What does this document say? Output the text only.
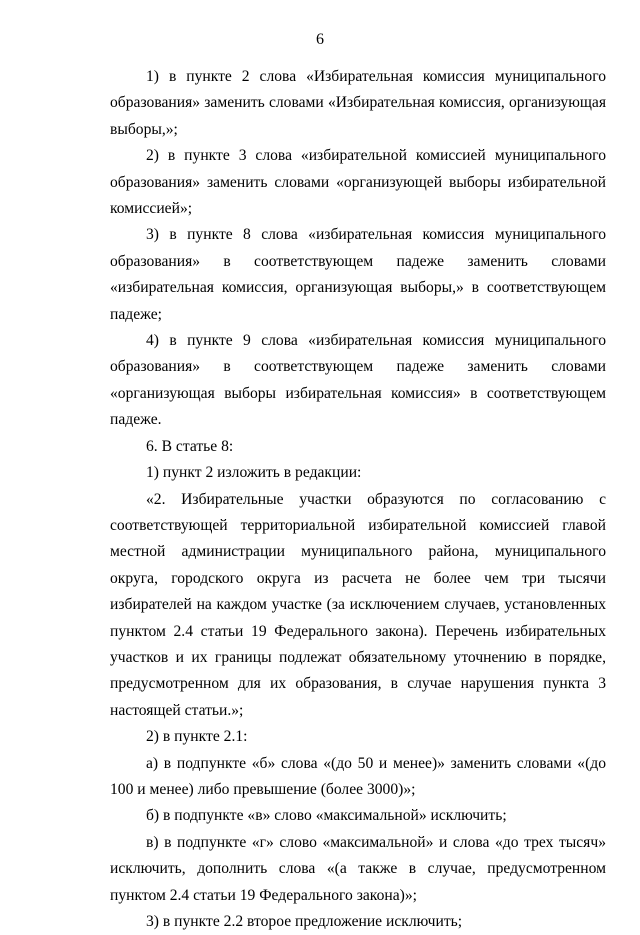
6

1) в пункте 2 слова «Избирательная комиссия муниципального образования» заменить словами «Избирательная комиссия, организующая выборы,»;

2) в пункте 3 слова «избирательной комиссией муниципального образования» заменить словами «организующей выборы избирательной комиссией»;

3) в пункте 8 слова «избирательная комиссия муниципального образования» в соответствующем падеже заменить словами «избирательная комиссия, организующая выборы,» в соответствующем падеже;

4) в пункте 9 слова «избирательная комиссия муниципального образования» в соответствующем падеже заменить словами «организующая выборы избирательная комиссия» в соответствующем падеже.

6. В статье 8:

1) пункт 2 изложить в редакции:

«2. Избирательные участки образуются по согласованию с соответствующей территориальной избирательной комиссией главой местной администрации муниципального района, муниципального округа, городского округа из расчета не более чем три тысячи избирателей на каждом участке (за исключением случаев, установленных пунктом 2.4 статьи 19 Федерального закона). Перечень избирательных участков и их границы подлежат обязательному уточнению в порядке, предусмотренном для их образования, в случае нарушения пункта 3 настоящей статьи.»;

2) в пункте 2.1:

а) в подпункте «б» слова «(до 50 и менее)» заменить словами «(до 100 и менее) либо превышение (более 3000)»;

б) в подпункте «в» слово «максимальной» исключить;

в) в подпункте «г» слово «максимальной» и слова «до трех тысяч» исключить, дополнить слова «(а также в случае, предусмотренном пунктом 2.4 статьи 19 Федерального закона)»;

3) в пункте 2.2 второе предложение исключить;
